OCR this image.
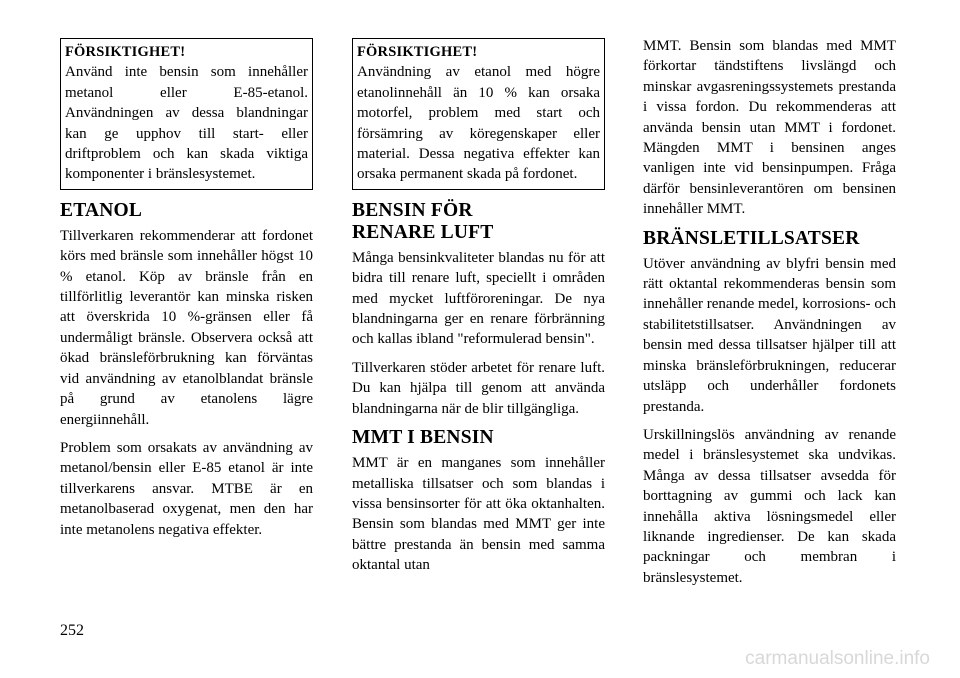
FÖRSIKTIGHET!
Använd inte bensin som innehåller metanol eller E-85-etanol. Användningen av dessa blandningar kan ge upphov till start- eller driftproblem och kan skada viktiga komponenter i bränslesystemet.
ETANOL

Tillverkaren rekommenderar att fordonet körs med bränsle som innehåller högst 10 % etanol. Köp av bränsle från en tillförlitlig leverantör kan minska risken att överskrida 10 %-gränsen eller få undermåligt bränsle. Observera också att ökad bränsleförbrukning kan förväntas vid användning av etanolblandat bränsle på grund av etanolens lägre energiinnehåll.

Problem som orsakats av användning av metanol/bensin eller E-85 etanol är inte tillverkarens ansvar. MTBE är en metanolbaserad oxygenat, men den har inte metanolens negativa effekter.

FÖRSIKTIGHET!
Användning av etanol med högre etanolinnehåll än 10 % kan orsaka motorfel, problem med start och försämring av köregenskaper eller material. Dessa negativa effekter kan orsaka permanent skada på fordonet.
BENSIN FÖR RENARE LUFT

Många bensinkvaliteter blandas nu för att bidra till renare luft, speciellt i områden med mycket luftföroreningar. De nya blandningarna ger en renare förbränning och kallas ibland "reformulerad bensin".

Tillverkaren stöder arbetet för renare luft. Du kan hjälpa till genom att använda blandningarna när de blir tillgängliga.

MMT I BENSIN

MMT är en manganes som innehåller metalliska tillsatser och som blandas i vissa bensinsorter för att öka oktanhalten. Bensin som blandas med MMT ger inte bättre prestanda än bensin med samma oktantal utan

MMT. Bensin som blandas med MMT förkortar tändstiftens livslängd och minskar avgasreningssystemets prestanda i vissa fordon. Du rekommenderas att använda bensin utan MMT i fordonet. Mängden MMT i bensinen anges vanligen inte vid bensinpumpen. Fråga därför bensinleverantören om bensinen innehåller MMT.

BRÄNSLETILLSATSER

Utöver användning av blyfri bensin med rätt oktantal rekommenderas bensin som innehåller renande medel, korrosions- och stabilitetstillsatser. Användningen av bensin med dessa tillsatser hjälper till att minska bränsleförbrukningen, reducerar utsläpp och underhåller fordonets prestanda.

Urskillningslös användning av renande medel i bränslesystemet ska undvikas. Många av dessa tillsatser avsedda för borttagning av gummi och lack kan innehålla aktiva lösningsmedel eller liknande ingredienser. De kan skada packningar och membran i bränslesystemet.

252
carmanualsonline.info
